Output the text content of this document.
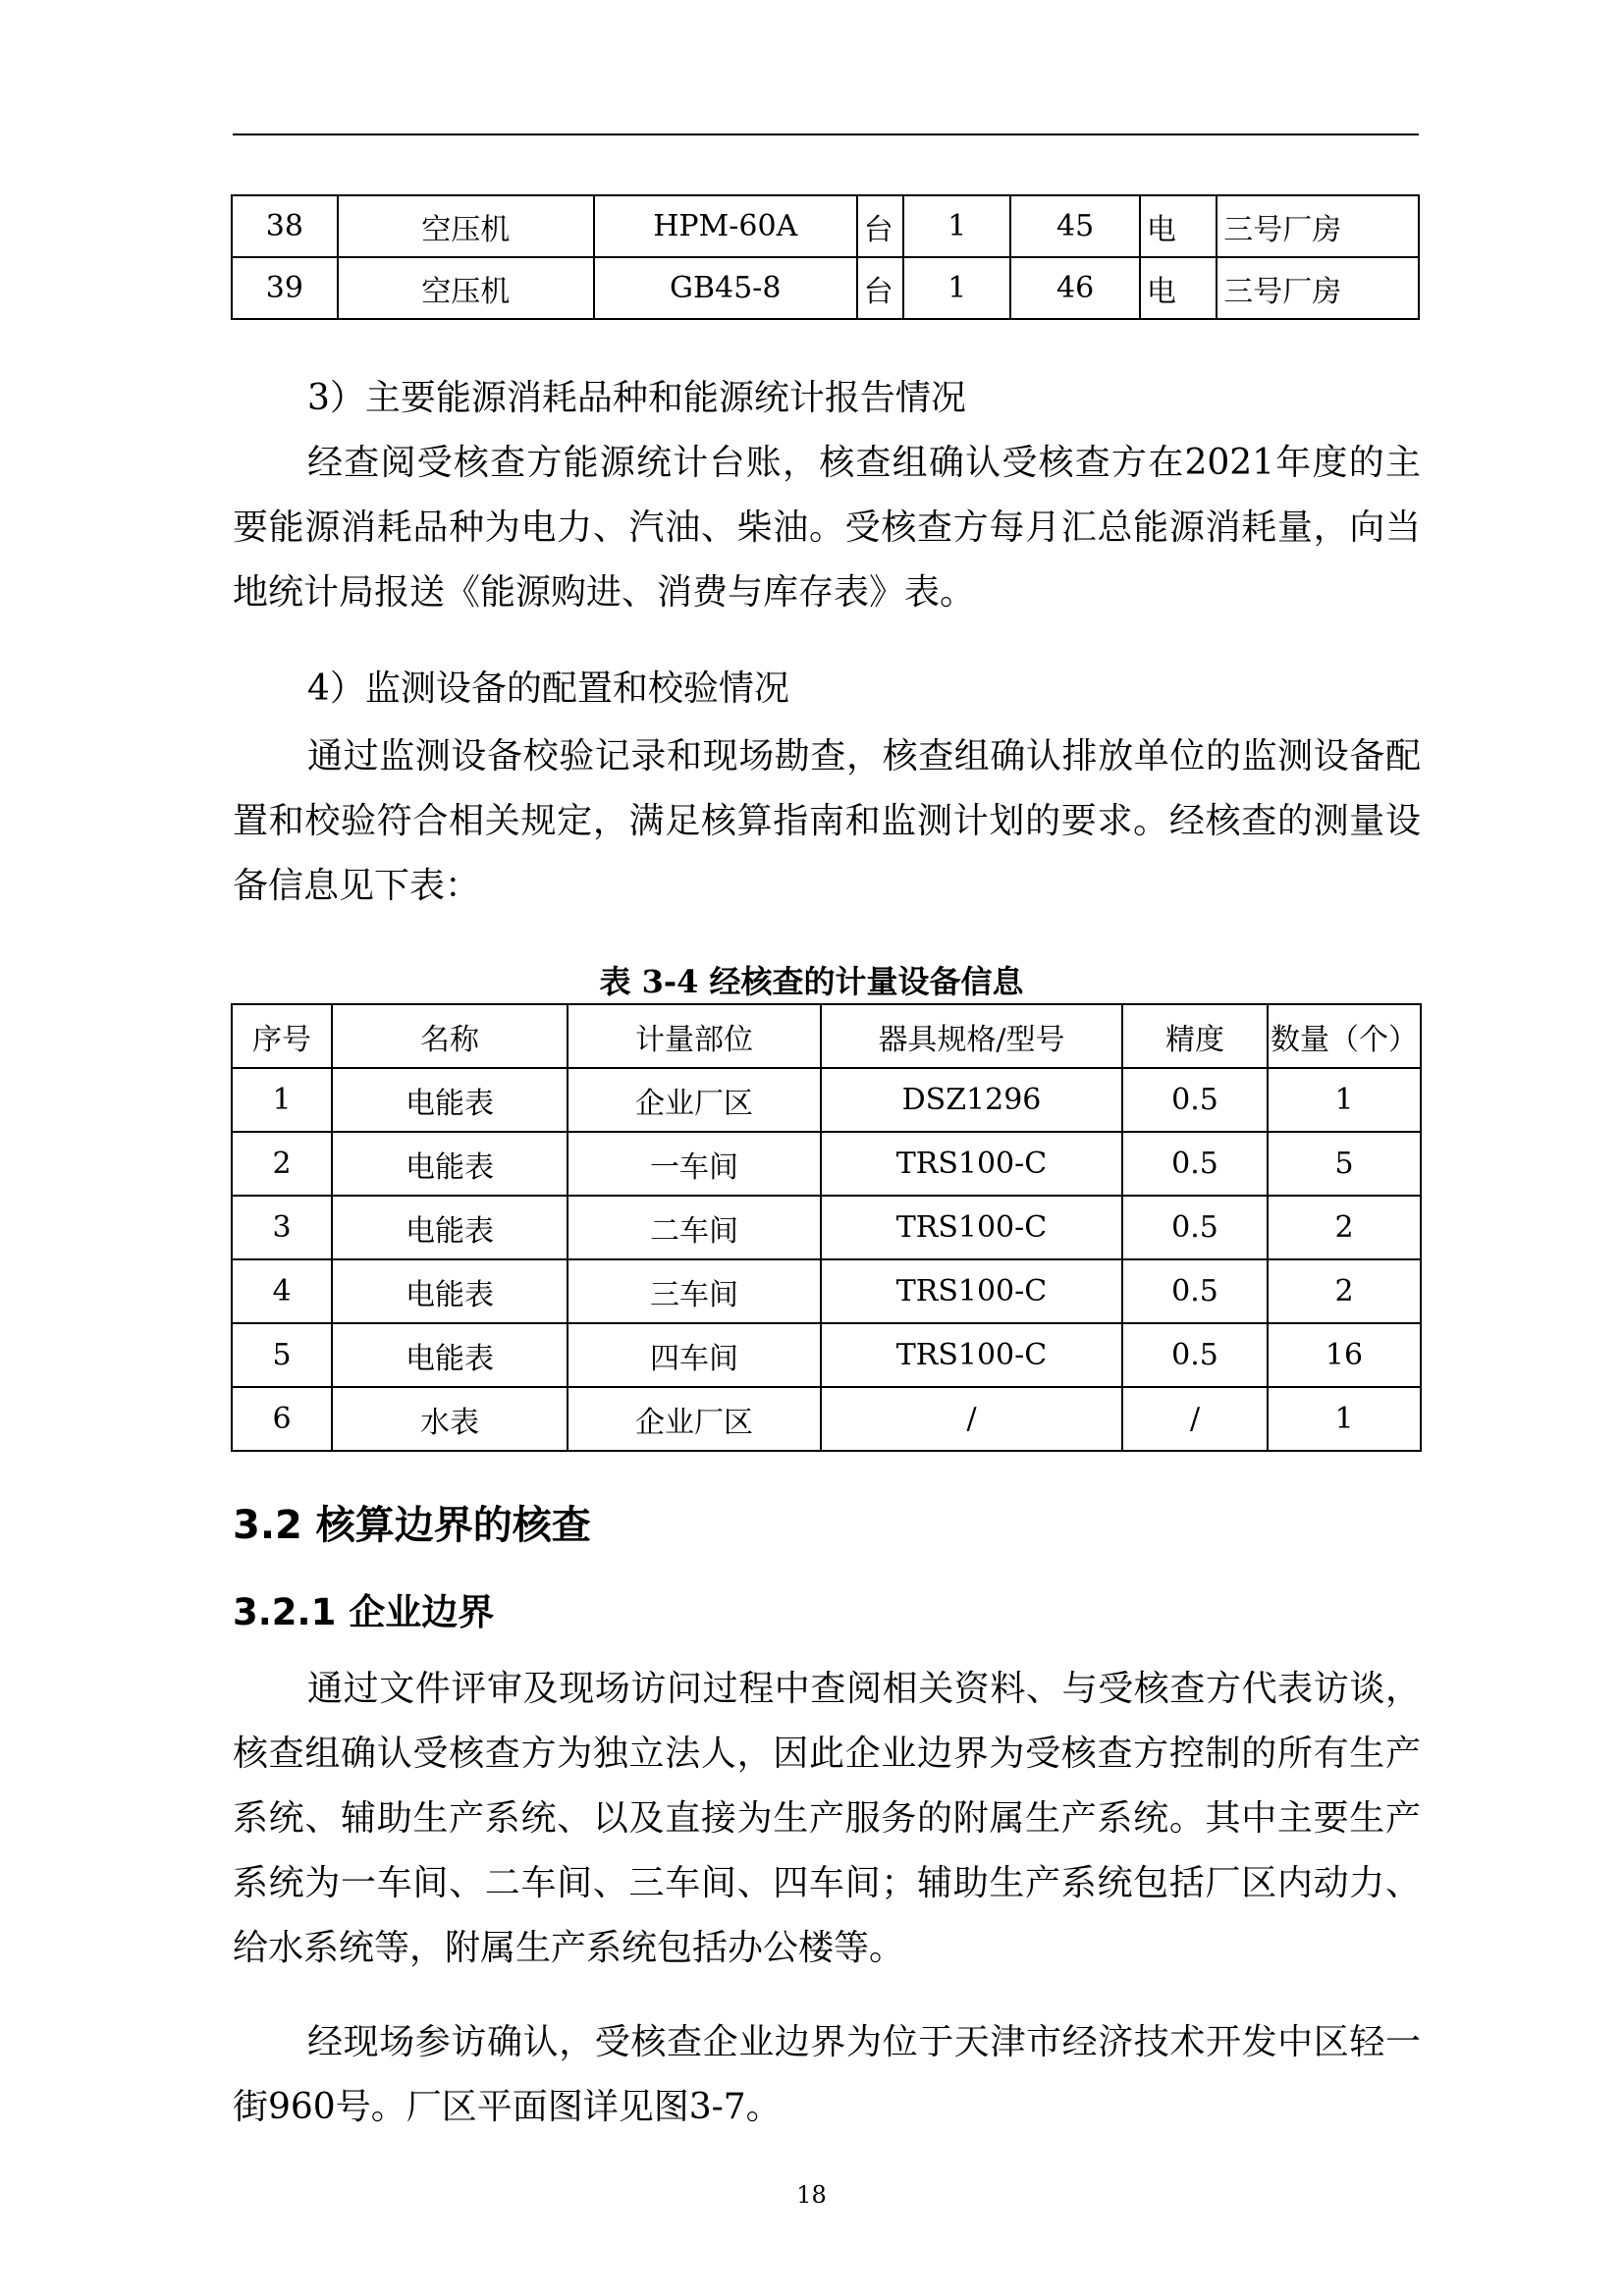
38	空压机	HPM-60A	台	1	45	电	三号厂房
39	空压机	GB45-8	台	1	46	电	三号厂房
3）主要能源消耗品种和能源统计报告情况

经查阅受核查方能源统计台账，核查组确认受核查方在2021年度的主要能源消耗品种为电力、汽油、柴油。受核查方每月汇总能源消耗量，向当地统计局报送《能源购进、消费与库存表》表。

4）监测设备的配置和校验情况

通过监测设备校验记录和现场勘查，核查组确认排放单位的监测设备配置和校验符合相关规定，满足核算指南和监测计划的要求。经核查的测量设备信息见下表：

表 3-4 经核查的计量设备信息
序号	名称	计量部位	器具规格/型号	精度	数量（个）
1	电能表	企业厂区	DSZ1296	0.5	1
2	电能表	一车间	TRS100-C	0.5	5
3	电能表	二车间	TRS100-C	0.5	2
4	电能表	三车间	TRS100-C	0.5	2
5	电能表	四车间	TRS100-C	0.5	16
6	水表	企业厂区	/	/	1
3.2 核算边界的核查
3.2.1 企业边界

通过文件评审及现场访问过程中查阅相关资料、与受核查方代表访谈，核查组确认受核查方为独立法人，因此企业边界为受核查方控制的所有生产系统、辅助生产系统、以及直接为生产服务的附属生产系统。其中主要生产系统为一车间、二车间、三车间、四车间；辅助生产系统包括厂区内动力、给水系统等，附属生产系统包括办公楼等。

经现场参访确认，受核查企业边界为位于天津市经济技术开发中区轻一街960号。厂区平面图详见图3-7。

18
